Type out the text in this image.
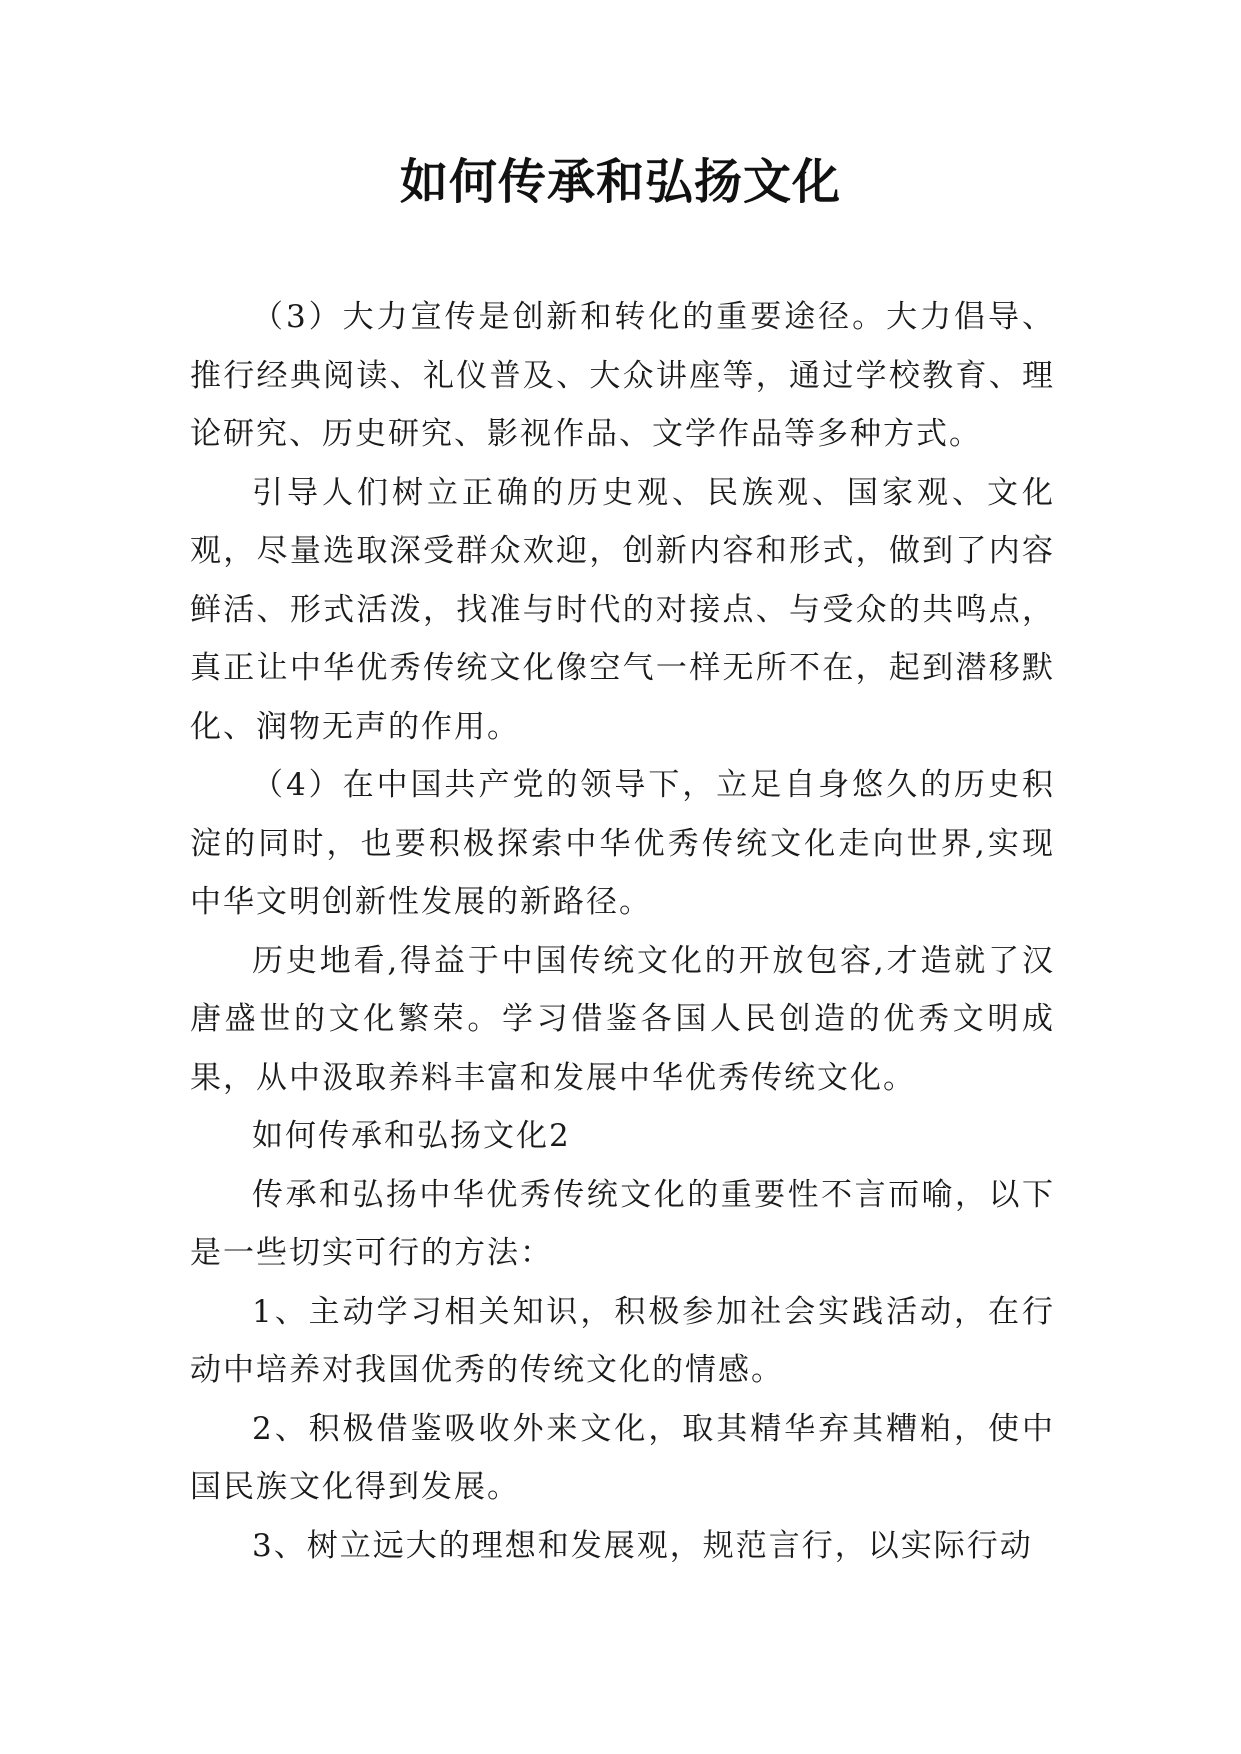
如何传承和弘扬文化

（3）大力宣传是创新和转化的重要途径。大力倡导、推行经典阅读、礼仪普及、大众讲座等，通过学校教育、理论研究、历史研究、影视作品、文学作品等多种方式。

引导人们树立正确的历史观、民族观、国家观、文化观，尽量选取深受群众欢迎，创新内容和形式，做到了内容鲜活、形式活泼，找准与时代的对接点、与受众的共鸣点，真正让中华优秀传统文化像空气一样无所不在，起到潜移默化、润物无声的作用。

（4）在中国共产党的领导下，立足自身悠久的历史积淀的同时，也要积极探索中华优秀传统文化走向世界,实现中华文明创新性发展的新路径。

历史地看,得益于中国传统文化的开放包容,才造就了汉唐盛世的文化繁荣。学习借鉴各国人民创造的优秀文明成果，从中汲取养料丰富和发展中华优秀传统文化。

如何传承和弘扬文化2

传承和弘扬中华优秀传统文化的重要性不言而喻，以下是一些切实可行的方法：

1、主动学习相关知识，积极参加社会实践活动，在行动中培养对我国优秀的传统文化的情感。

2、积极借鉴吸收外来文化，取其精华弃其糟粕，使中国民族文化得到发展。

3、树立远大的理想和发展观，规范言行，以实际行动
